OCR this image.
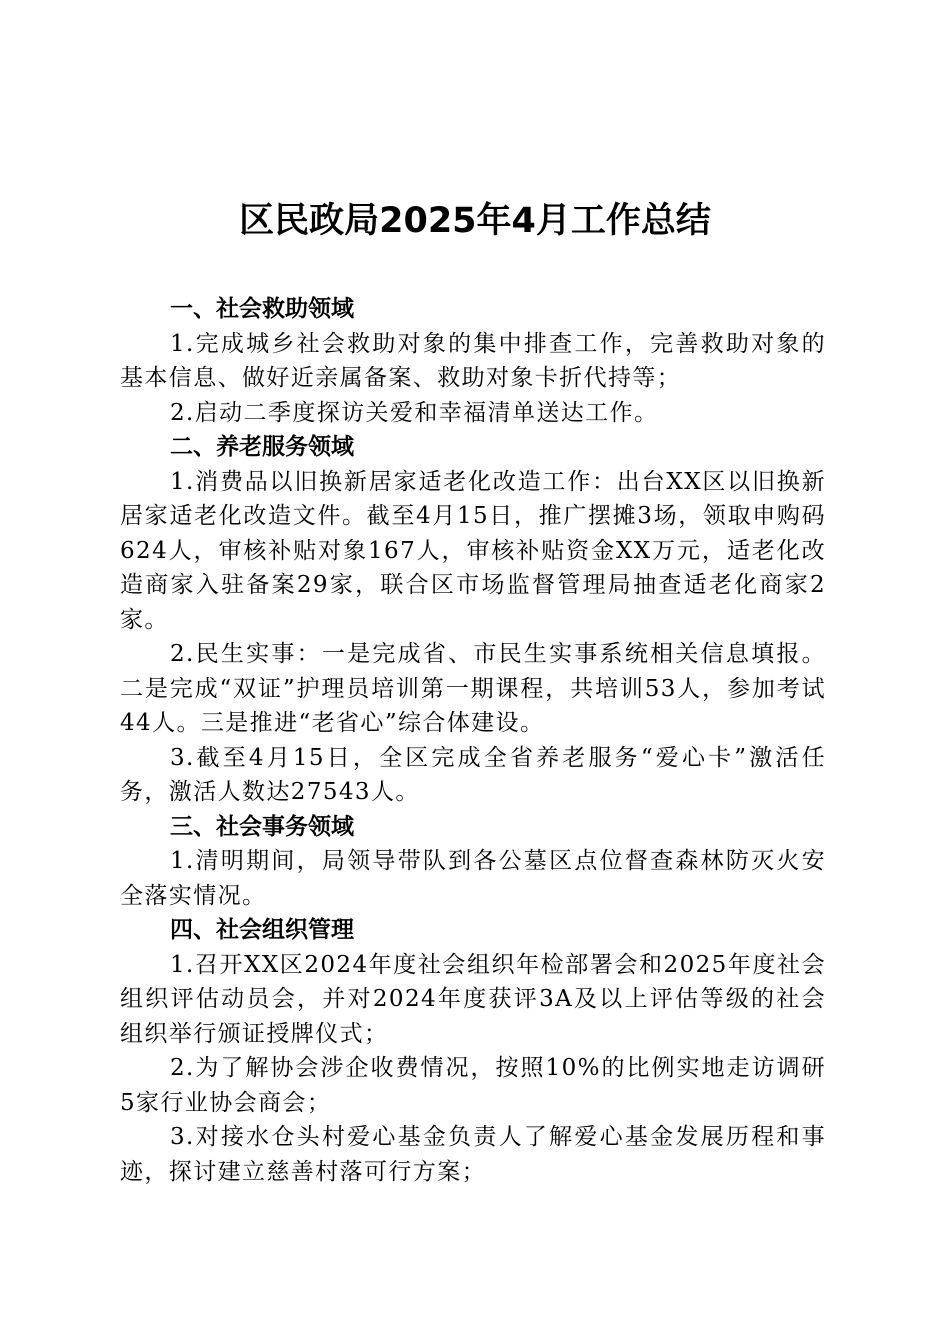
区民政局2025年4月工作总结
一、社会救助领域

1.完成城乡社会救助对象的集中排查工作，完善救助对象的基本信息、做好近亲属备案、救助对象卡折代持等；

2.启动二季度探访关爱和幸福清单送达工作。

二、养老服务领域

1.消费品以旧换新居家适老化改造工作：出台XX区以旧换新居家适老化改造文件。截至4月15日，推广摆摊3场，领取申购码624人，审核补贴对象167人，审核补贴资金XX万元，适老化改造商家入驻备案29家，联合区市场监督管理局抽查适老化商家2家。

2.民生实事：一是完成省、市民生实事系统相关信息填报。二是完成“双证”护理员培训第一期课程，共培训53人，参加考试44人。三是推进“老省心”综合体建设。

3.截至4月15日，全区完成全省养老服务“爱心卡”激活任务，激活人数达27543人。

三、社会事务领域

1.清明期间，局领导带队到各公墓区点位督查森林防灭火安全落实情况。

四、社会组织管理

1.召开XX区2024年度社会组织年检部署会和2025年度社会组织评估动员会，并对2024年度获评3A及以上评估等级的社会组织举行颁证授牌仪式；

2.为了解协会涉企收费情况，按照10%的比例实地走访调研5家行业协会商会；

3.对接水仓头村爱心基金负责人了解爱心基金发展历程和事迹，探讨建立慈善村落可行方案；
